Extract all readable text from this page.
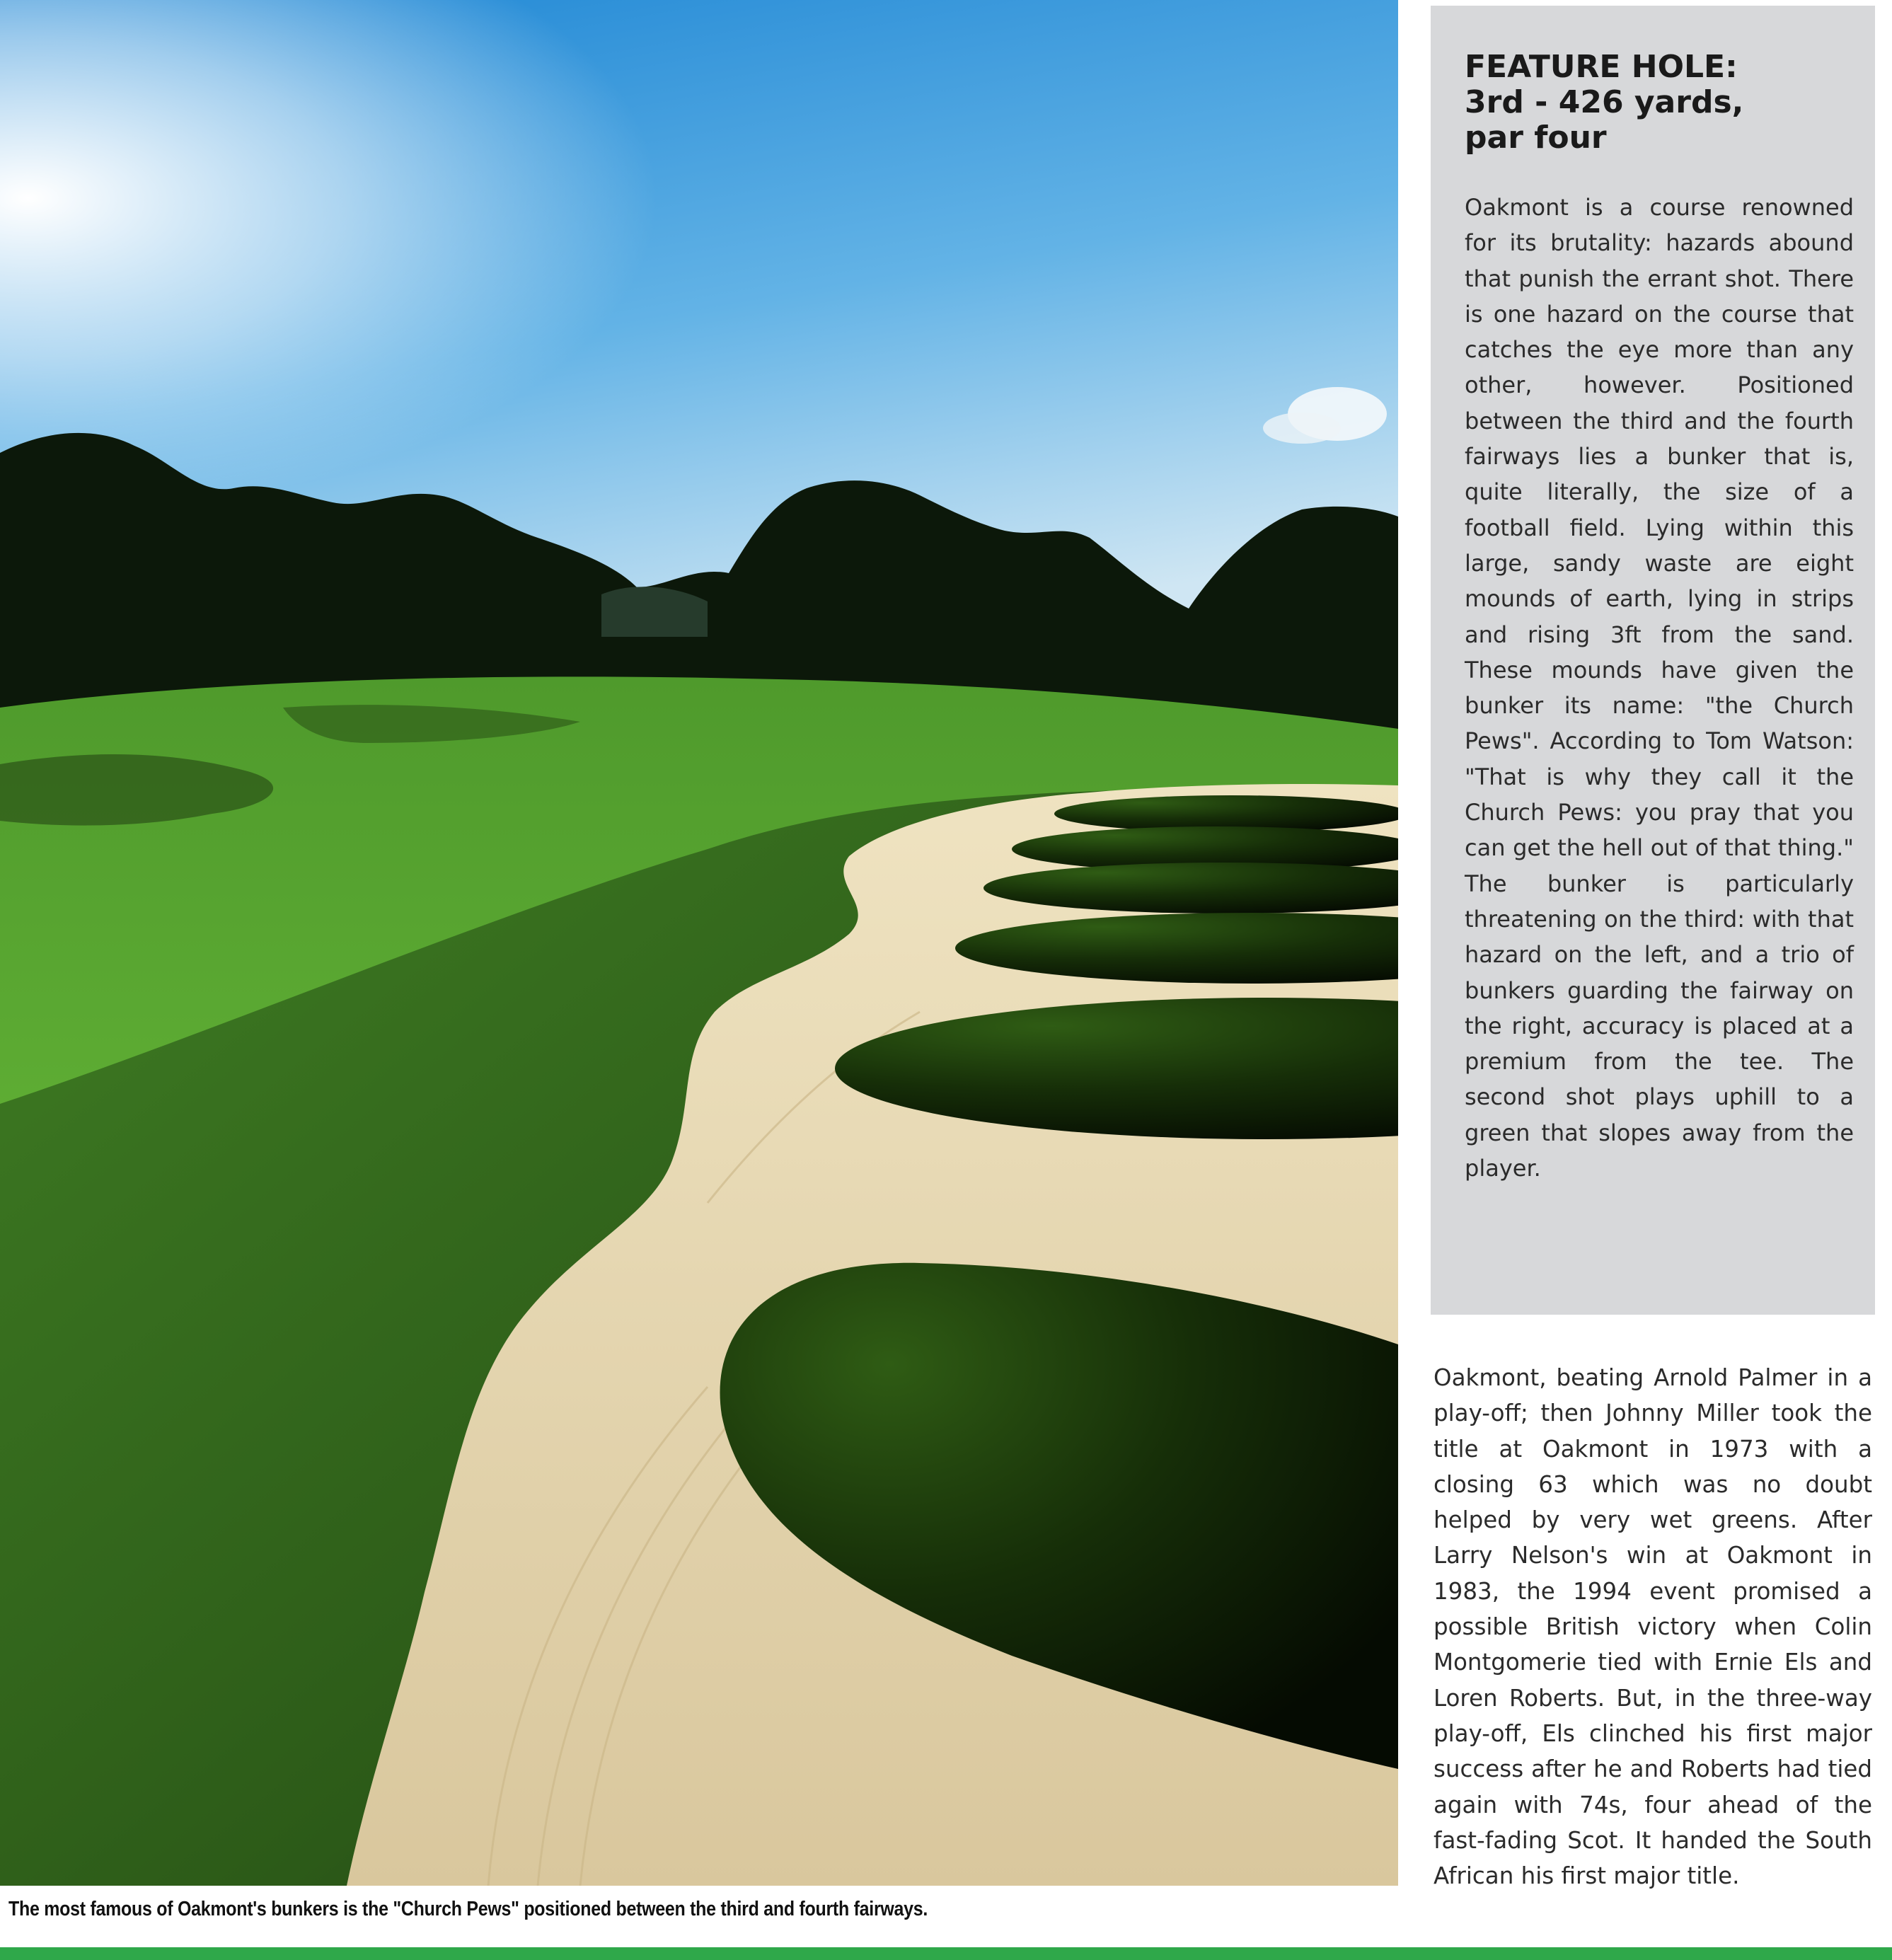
The most famous of Oakmont's bunkers is the "Church Pews" positioned between the third and fourth fairways.
FEATURE HOLE:
3rd - 426 yards,
par four

Oakmont is a course renowned for its brutality: hazards abound that punish the errant shot. There is one hazard on the course that catches the eye more than any other, however. Positioned between the third and the fourth fairways lies a bunker that is, quite literally, the size of a football field. Lying within this large, sandy waste are eight mounds of earth, lying in strips and rising 3ft from the sand. These mounds have given the bunker its name: "the Church Pews". According to Tom Watson: "That is why they call it the Church Pews: you pray that you can get the hell out of that thing." The bunker is particularly threatening on the third: with that hazard on the left, and a trio of bunkers guarding the fairway on the right, accuracy is placed at a premium from the tee. The second shot plays uphill to a green that slopes away from the player.

Oakmont, beating Arnold Palmer in a play-off; then Johnny Miller took the title at Oakmont in 1973 with a closing 63 which was no doubt helped by very wet greens. After Larry Nelson's win at Oakmont in 1983, the 1994 event promised a possible British victory when Colin Montgomerie tied with Ernie Els and Loren Roberts. But, in the three-way play-off, Els clinched his first major success after he and Roberts had tied again with 74s, four ahead of the fast-fading Scot. It handed the South African his first major title.
